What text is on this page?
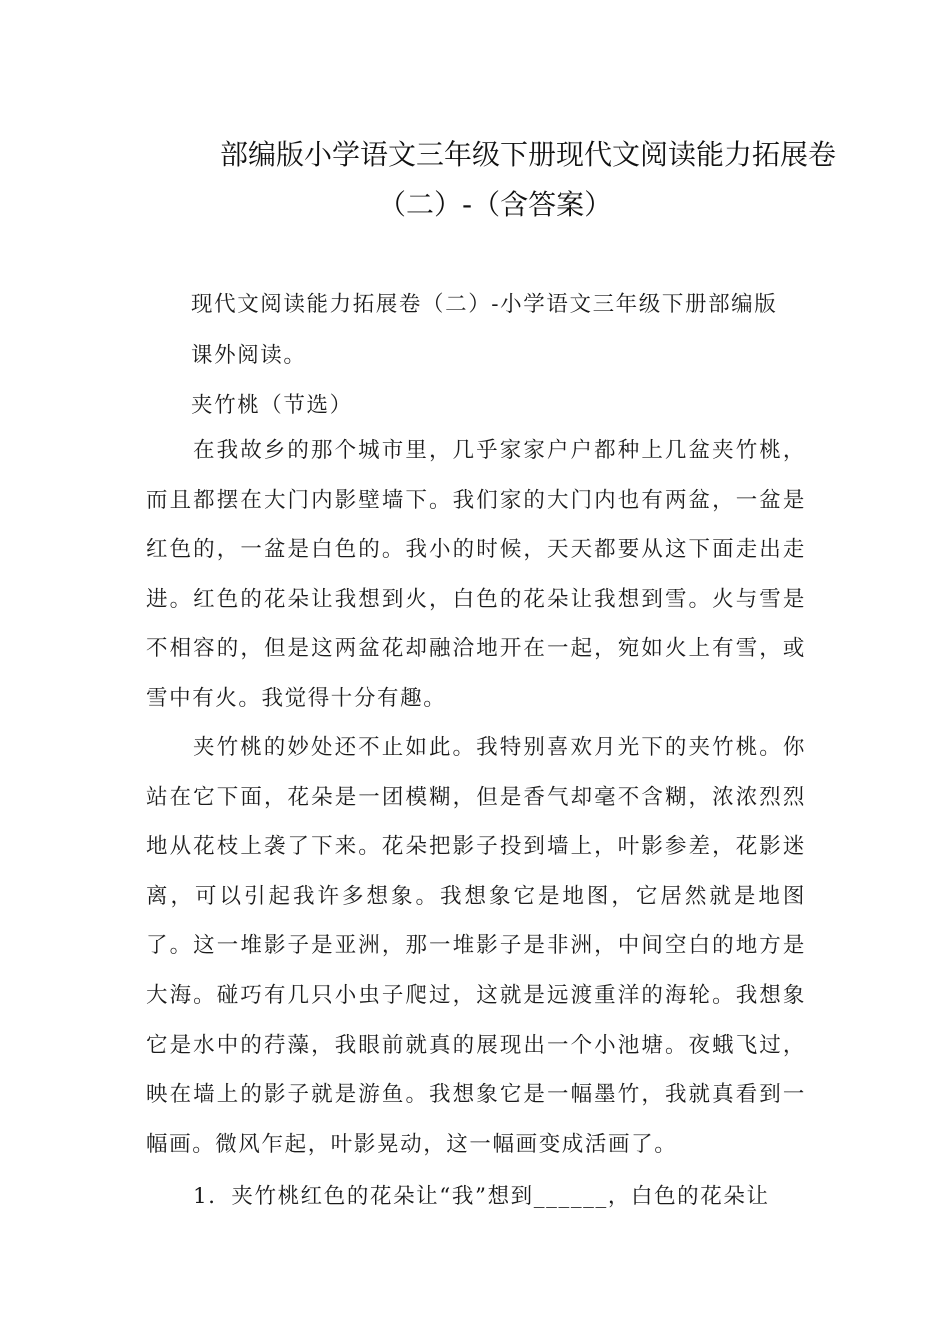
部编版小学语文三年级下册现代文阅读能力拓展卷
（二）-（含答案）
现代文阅读能力拓展卷（二）-小学语文三年级下册部编版
课外阅读。
夹竹桃（节选）

在我故乡的那个城市里，几乎家家户户都种上几盆夹竹桃，而且都摆在大门内影壁墙下。我们家的大门内也有两盆，一盆是红色的，一盆是白色的。我小的时候，天天都要从这下面走出走进。红色的花朵让我想到火，白色的花朵让我想到雪。火与雪是不相容的，但是这两盆花却融洽地开在一起，宛如火上有雪，或雪中有火。我觉得十分有趣。

夹竹桃的妙处还不止如此。我特别喜欢月光下的夹竹桃。你站在它下面，花朵是一团模糊，但是香气却毫不含糊，浓浓烈烈地从花枝上袭了下来。花朵把影子投到墙上，叶影参差，花影迷离，可以引起我许多想象。我想象它是地图，它居然就是地图了。这一堆影子是亚洲，那一堆影子是非洲，中间空白的地方是大海。碰巧有几只小虫子爬过，这就是远渡重洋的海轮。我想象它是水中的荇藻，我眼前就真的展现出一个小池塘。夜蛾飞过，映在墙上的影子就是游鱼。我想象它是一幅墨竹，我就真看到一幅画。微风乍起，叶影晃动，这一幅画变成活画了。

1．夹竹桃红色的花朵让“我”想到______，白色的花朵让
